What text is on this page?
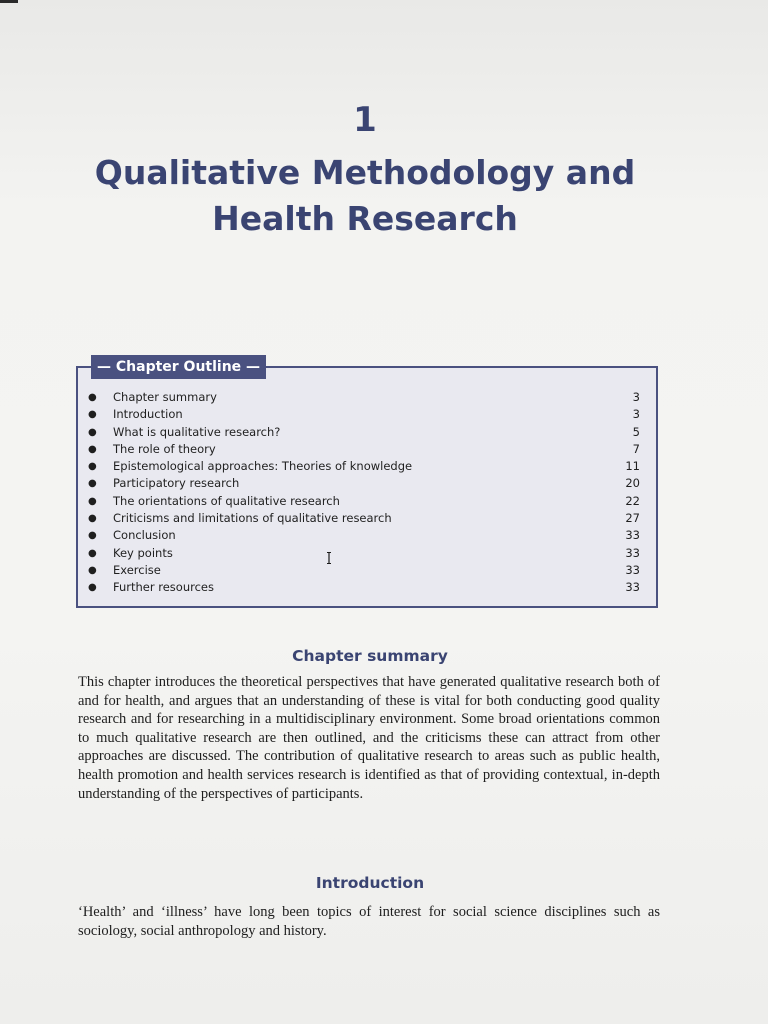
1
Qualitative Methodology and
Health Research
— Chapter Outline —
● Chapter summary	3
● Introduction	3
● What is qualitative research?	5
● The role of theory	7
● Epistemological approaches: Theories of knowledge	11
● Participatory research	20
● The orientations of qualitative research	22
● Criticisms and limitations of qualitative research	27
● Conclusion	33
● Key points	33
● Exercise	33
● Further resources	33
Chapter summary

This chapter introduces the theoretical perspectives that have generated qualitative research both of and for health, and argues that an understanding of these is vital for both conducting good quality research and for researching in a multidisciplinary environment. Some broad orientations common to much qualitative research are then outlined, and the criticisms these can attract from other approaches are discussed. The contribution of qualitative research to areas such as public health, health promotion and health services research is identified as that of providing contextual, in-depth understanding of the perspectives of participants.

Introduction

‘Health’ and ‘illness’ have long been topics of interest for social science disciplines such as sociology, social anthropology and history.
